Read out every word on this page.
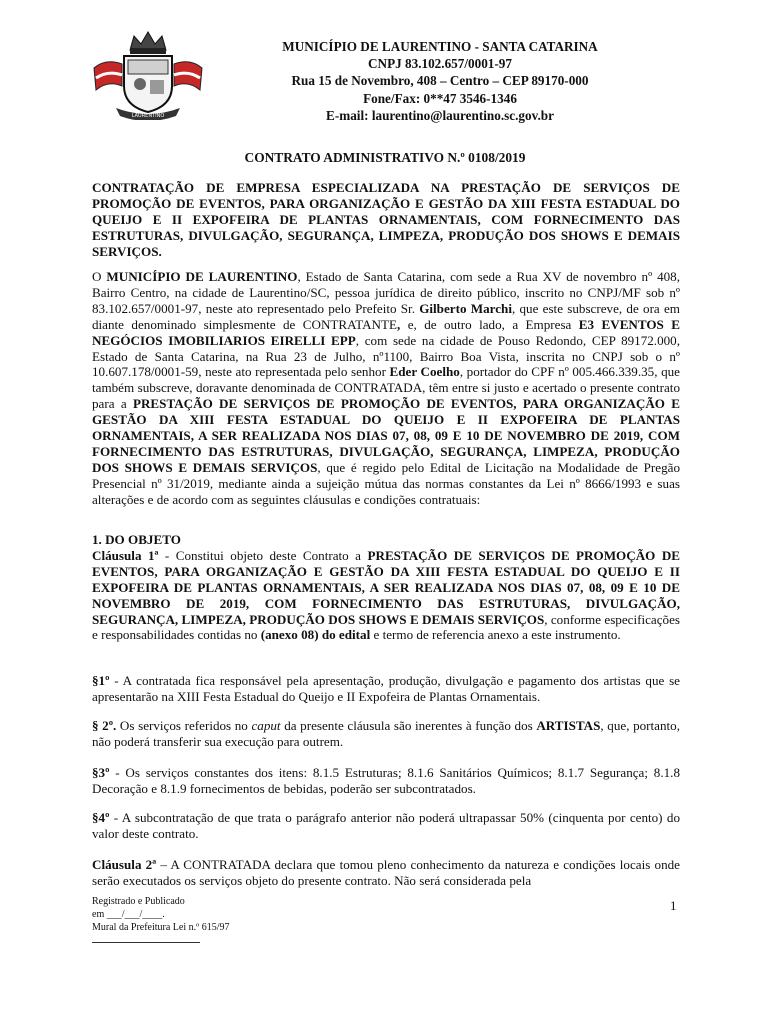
LAURENTINO
MUNICÍPIO DE LAURENTINO - SANTA CATARINA
CNPJ 83.102.657/0001-97
Rua 15 de Novembro, 408 – Centro – CEP 89170-000
Fone/Fax: 0**47 3546-1346
E-mail: laurentino@laurentino.sc.gov.br
CONTRATO ADMINISTRATIVO N.º 0108/2019
CONTRATAÇÃO DE EMPRESA ESPECIALIZADA NA PRESTAÇÃO DE SERVIÇOS DE PROMOÇÃO DE EVENTOS, PARA ORGANIZAÇÃO E GESTÃO DA XIII FESTA ESTADUAL DO QUEIJO E II EXPOFEIRA DE PLANTAS ORNAMENTAIS, COM FORNECIMENTO DAS ESTRUTURAS, DIVULGAÇÃO, SEGURANÇA, LIMPEZA, PRODUÇÃO DOS SHOWS E DEMAIS SERVIÇOS.
O MUNICÍPIO DE LAURENTINO, Estado de Santa Catarina, com sede a Rua XV de novembro nº 408, Bairro Centro, na cidade de Laurentino/SC, pessoa jurídica de direito público, inscrito no CNPJ/MF sob nº 83.102.657/0001-97, neste ato representado pelo Prefeito Sr. Gilberto Marchi, que este subscreve, de ora em diante denominado simplesmente de CONTRATANTE, e, de outro lado, a Empresa E3 EVENTOS E NEGÓCIOS IMOBILIARIOS EIRELLI EPP, com sede na cidade de Pouso Redondo, CEP 89172.000, Estado de Santa Catarina, na Rua 23 de Julho, nº1100, Bairro Boa Vista, inscrita no CNPJ sob o nº 10.607.178/0001-59, neste ato representada pelo senhor Eder Coelho, portador do CPF nº 005.466.339.35, que também subscreve, doravante denominada de CONTRATADA, têm entre si justo e acertado o presente contrato para a PRESTAÇÃO DE SERVIÇOS DE PROMOÇÃO DE EVENTOS, PARA ORGANIZAÇÃO E GESTÃO DA XIII FESTA ESTADUAL DO QUEIJO E II EXPOFEIRA DE PLANTAS ORNAMENTAIS, A SER REALIZADA NOS DIAS 07, 08, 09 E 10 DE NOVEMBRO DE 2019, COM FORNECIMENTO DAS ESTRUTURAS, DIVULGAÇÃO, SEGURANÇA, LIMPEZA, PRODUÇÃO DOS SHOWS E DEMAIS SERVIÇOS, que é regido pelo Edital de Licitação na Modalidade de Pregão Presencial nº 31/2019, mediante ainda a sujeição mútua das normas constantes da Lei nº 8666/1993 e suas alterações e de acordo com as seguintes cláusulas e condições contratuais:
1. DO OBJETO
Cláusula 1ª - Constitui objeto deste Contrato a PRESTAÇÃO DE SERVIÇOS DE PROMOÇÃO DE EVENTOS, PARA ORGANIZAÇÃO E GESTÃO DA XIII FESTA ESTADUAL DO QUEIJO E II EXPOFEIRA DE PLANTAS ORNAMENTAIS, A SER REALIZADA NOS DIAS 07, 08, 09 E 10 DE NOVEMBRO DE 2019, COM FORNECIMENTO DAS ESTRUTURAS, DIVULGAÇÃO, SEGURANÇA, LIMPEZA, PRODUÇÃO DOS SHOWS E DEMAIS SERVIÇOS, conforme especificações e responsabilidades contidas no (anexo 08) do edital e termo de referencia anexo a este instrumento.
§1º - A contratada fica responsável pela apresentação, produção, divulgação e pagamento dos artistas que se apresentarão na XIII Festa Estadual do Queijo e II Expofeira de Plantas Ornamentais.
§ 2º. Os serviços referidos no caput da presente cláusula são inerentes à função dos ARTISTAS, que, portanto, não poderá transferir sua execução para outrem.
§3º - Os serviços constantes dos itens: 8.1.5 Estruturas; 8.1.6 Sanitários Químicos; 8.1.7 Segurança; 8.1.8 Decoração e 8.1.9 fornecimentos de bebidas, poderão ser subcontratados.
§4º - A subcontratação de que trata o parágrafo anterior não poderá ultrapassar 50% (cinquenta por cento) do valor deste contrato.
Cláusula 2ª – A CONTRATADA declara que tomou pleno conhecimento da natureza e condições locais onde serão executados os serviços objeto do presente contrato. Não será considerada pela
1
Registrado e Publicado
em ___/___/____.
Mural da Prefeitura Lei n.º 615/97
